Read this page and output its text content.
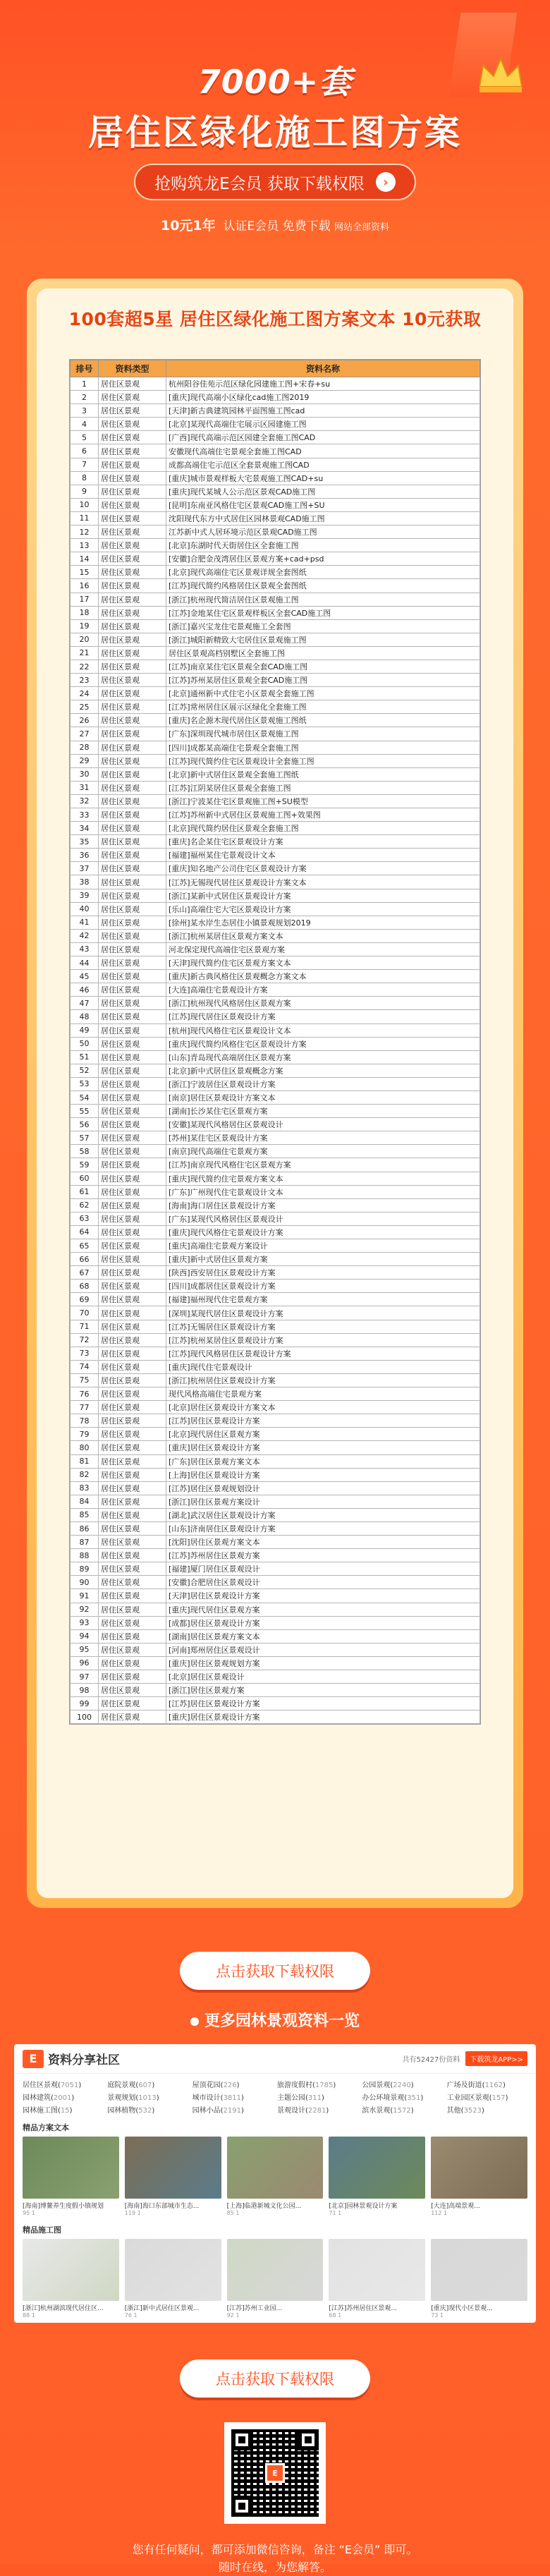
7000+套
居住区绿化施工图方案
抢购筑龙E会员 获取下载权限	›
10元1年 认证E会员 免费下载 网站全部资料
100套超5星 居住区绿化施工图方案文本 10元获取
排号	资料类型	资料名称
1	居住区景观	杭州阳谷佳苑示范区绿化园建施工图+宋春+su
2	居住区景观	[重庆]现代高端小区绿化cad施工图2019
3	居住区景观	[天津]新古典建筑园林平面图施工图cad
4	居住区景观	[北京]某现代高端住宅展示区园建施工图
5	居住区景观	[广西]现代高端示范区园建全套施工图CAD
6	居住区景观	安徽现代高端住宅景观全套施工图CAD
7	居住区景观	成都高端住宅示范区全套景观施工图CAD
8	居住区景观	[重庆]城市景观样板大宅景观施工图CAD+su
9	居住区景观	[重庆]现代某城人公示范区景观CAD施工图
10	居住区景观	[昆明]东南亚风格住宅区景观CAD施工图+SU
11	居住区景观	沈阳现代东方中式居住区园林景观CAD施工图
12	居住区景观	江苏新中式人居环境示范区景观CAD施工图
13	居住区景观	[北京]东湖时代天街居住区全套施工图
14	居住区景观	[安徽]合肥金茂湾居住区景观方案+cad+psd
15	居住区景观	[北京]现代高端住宅区景观详规全套图纸
16	居住区景观	[江苏]现代简约风格居住区景观全套图纸
17	居住区景观	[浙江]杭州现代简洁居住区景观施工图
18	居住区景观	[江苏]金地某住宅区景观样板区全套CAD施工图
19	居住区景观	[浙江]嘉兴宝龙住宅景观施工全套图
20	居住区景观	[浙江]城阳新精致大宅居住区景观施工图
21	居住区景观	居住区景观高档别墅区全套施工图
22	居住区景观	[江苏]南京某住宅区景观全套CAD施工图
23	居住区景观	[江苏]苏州某居住区景观全套CAD施工图
24	居住区景观	[北京]通州新中式住宅小区景观全套施工图
25	居住区景观	[江苏]常州居住区展示区绿化全套施工图
26	居住区景观	[重庆]名企源木现代居住区景观施工图纸
27	居住区景观	[广东]深圳现代城市居住区景观施工图
28	居住区景观	[四川]成都某高端住宅景观全套施工图
29	居住区景观	[江苏]现代简约住宅区景观设计全套施工图
30	居住区景观	[北京]新中式居住区景观全套施工图纸
31	居住区景观	[江苏]江阴某居住区景观全套施工图
32	居住区景观	[浙江]宁波某住宅区景观施工图+SU模型
33	居住区景观	[江苏]苏州新中式居住区景观施工图+效果图
34	居住区景观	[北京]现代简约居住区景观全套施工图
35	居住区景观	[重庆]名企某住宅区景观设计方案
36	居住区景观	[福建]福州某住宅景观设计文本
37	居住区景观	[重庆]知名地产公司住宅区景观设计方案
38	居住区景观	[江苏]无锡现代居住区景观设计方案文本
39	居住区景观	[浙江]某新中式居住区景观设计方案
40	居住区景观	[乐山]高端住宅大宅区景观设计方案
41	居住区景观	[徐州]某水岸生态居住小镇景观规划2019
42	居住区景观	[浙江]杭州某居住区景观方案文本
43	居住区景观	河北保定现代高端住宅区景观方案
44	居住区景观	[天津]现代简约住宅区景观方案文本
45	居住区景观	[重庆]新古典风格住区景观概念方案文本
46	居住区景观	[大连]高端住宅景观设计方案
47	居住区景观	[浙江]杭州现代风格居住区景观方案
48	居住区景观	[江苏]现代居住区景观设计方案
49	居住区景观	[杭州]现代风格住宅区景观设计文本
50	居住区景观	[重庆]现代简约风格住宅区景观设计方案
51	居住区景观	[山东]青岛现代高端居住区景观方案
52	居住区景观	[北京]新中式居住区景观概念方案
53	居住区景观	[浙江]宁波居住区景观设计方案
54	居住区景观	[南京]居住区景观设计方案文本
55	居住区景观	[湖南]长沙某住宅区景观方案
56	居住区景观	[安徽]某现代风格居住区景观设计
57	居住区景观	[苏州]某住宅区景观设计方案
58	居住区景观	[南京]现代高端住宅景观方案
59	居住区景观	[江苏]南京现代风格住宅区景观方案
60	居住区景观	[重庆]现代简约住宅景观方案文本
61	居住区景观	[广东]广州现代住宅景观设计文本
62	居住区景观	[海南]海口居住区景观设计方案
63	居住区景观	[广东]某现代风格居住区景观设计
64	居住区景观	[重庆]现代风格住宅景观设计方案
65	居住区景观	[重庆]高端住宅景观方案设计
66	居住区景观	[重庆]新中式居住区景观方案
67	居住区景观	[陕西]西安居住区景观设计方案
68	居住区景观	[四川]成都居住区景观设计方案
69	居住区景观	[福建]福州现代住宅景观方案
70	居住区景观	[深圳]某现代居住区景观设计方案
71	居住区景观	[江苏]无锡居住区景观设计方案
72	居住区景观	[江苏]杭州某居住区景观设计方案
73	居住区景观	[江苏]现代风格居住区景观设计方案
74	居住区景观	[重庆]现代住宅景观设计
75	居住区景观	[浙江]杭州居住区景观设计方案
76	居住区景观	现代风格高端住宅景观方案
77	居住区景观	[北京]居住区景观设计方案文本
78	居住区景观	[江苏]居住区景观设计方案
79	居住区景观	[北京]现代居住区景观方案
80	居住区景观	[重庆]居住区景观设计方案
81	居住区景观	[广东]居住区景观方案文本
82	居住区景观	[上海]居住区景观设计方案
83	居住区景观	[江苏]居住区景观规划设计
84	居住区景观	[浙江]居住区景观方案设计
85	居住区景观	[湖北]武汉居住区景观设计方案
86	居住区景观	[山东]济南居住区景观设计方案
87	居住区景观	[沈阳]居住区景观方案文本
88	居住区景观	[江苏]苏州居住区景观方案
89	居住区景观	[福建]厦门居住区景观设计
90	居住区景观	[安徽]合肥居住区景观设计
91	居住区景观	[天津]居住区景观设计方案
92	居住区景观	[重庆]现代居住区景观方案
93	居住区景观	[成都]居住区景观设计方案
94	居住区景观	[湖南]居住区景观方案文本
95	居住区景观	[河南]郑州居住区景观设计
96	居住区景观	[重庆]居住区景观规划方案
97	居住区景观	[北京]居住区景观设计
98	居住区景观	[浙江]居住区景观方案
99	居住区景观	[江苏]居住区景观设计方案
100	居住区景观	[重庆]居住区景观设计方案
点击获取下载权限
更多园林景观资料一览
E 资料分享社区	共有52427份资料	下载筑龙APP>>
居住区景观(7051)	庭院景观(607)	屋顶花园(226)	旅游度假村(1785)	公园景观(2240)	广场及街道(1162)
园林建筑(2001)	景观规划(1013)	城市设计(3811)	主题公园(311)	办公环境景观(351)	工业园区景观(157)
园林施工图(15)	园林植物(532)	园林小品(2191)	景观设计(2281)	滨水景观(1572)	其他(3523)
精品方案文本
[海南]博鳌养生度假小镇规划
95 1
[海南]海口东部城市生态...
119 1
[上海]临港新城文化公园...
85 1
[北京]园林景观设计方案
71 1
[大连]高端景观...
112 1
精品施工图
[浙江]杭州湖滨现代居住区...
88 1
[浙江]新中式居住区景观...
76 1
[江苏]苏州工业园...
92 1
[江苏]苏州居住区景观...
68 1
[重庆]现代小区景观...
73 1
点击获取下载权限
E
您有任何疑问，都可添加微信咨询，备注 “E会员” 即可。
随时在线，为您解答。
